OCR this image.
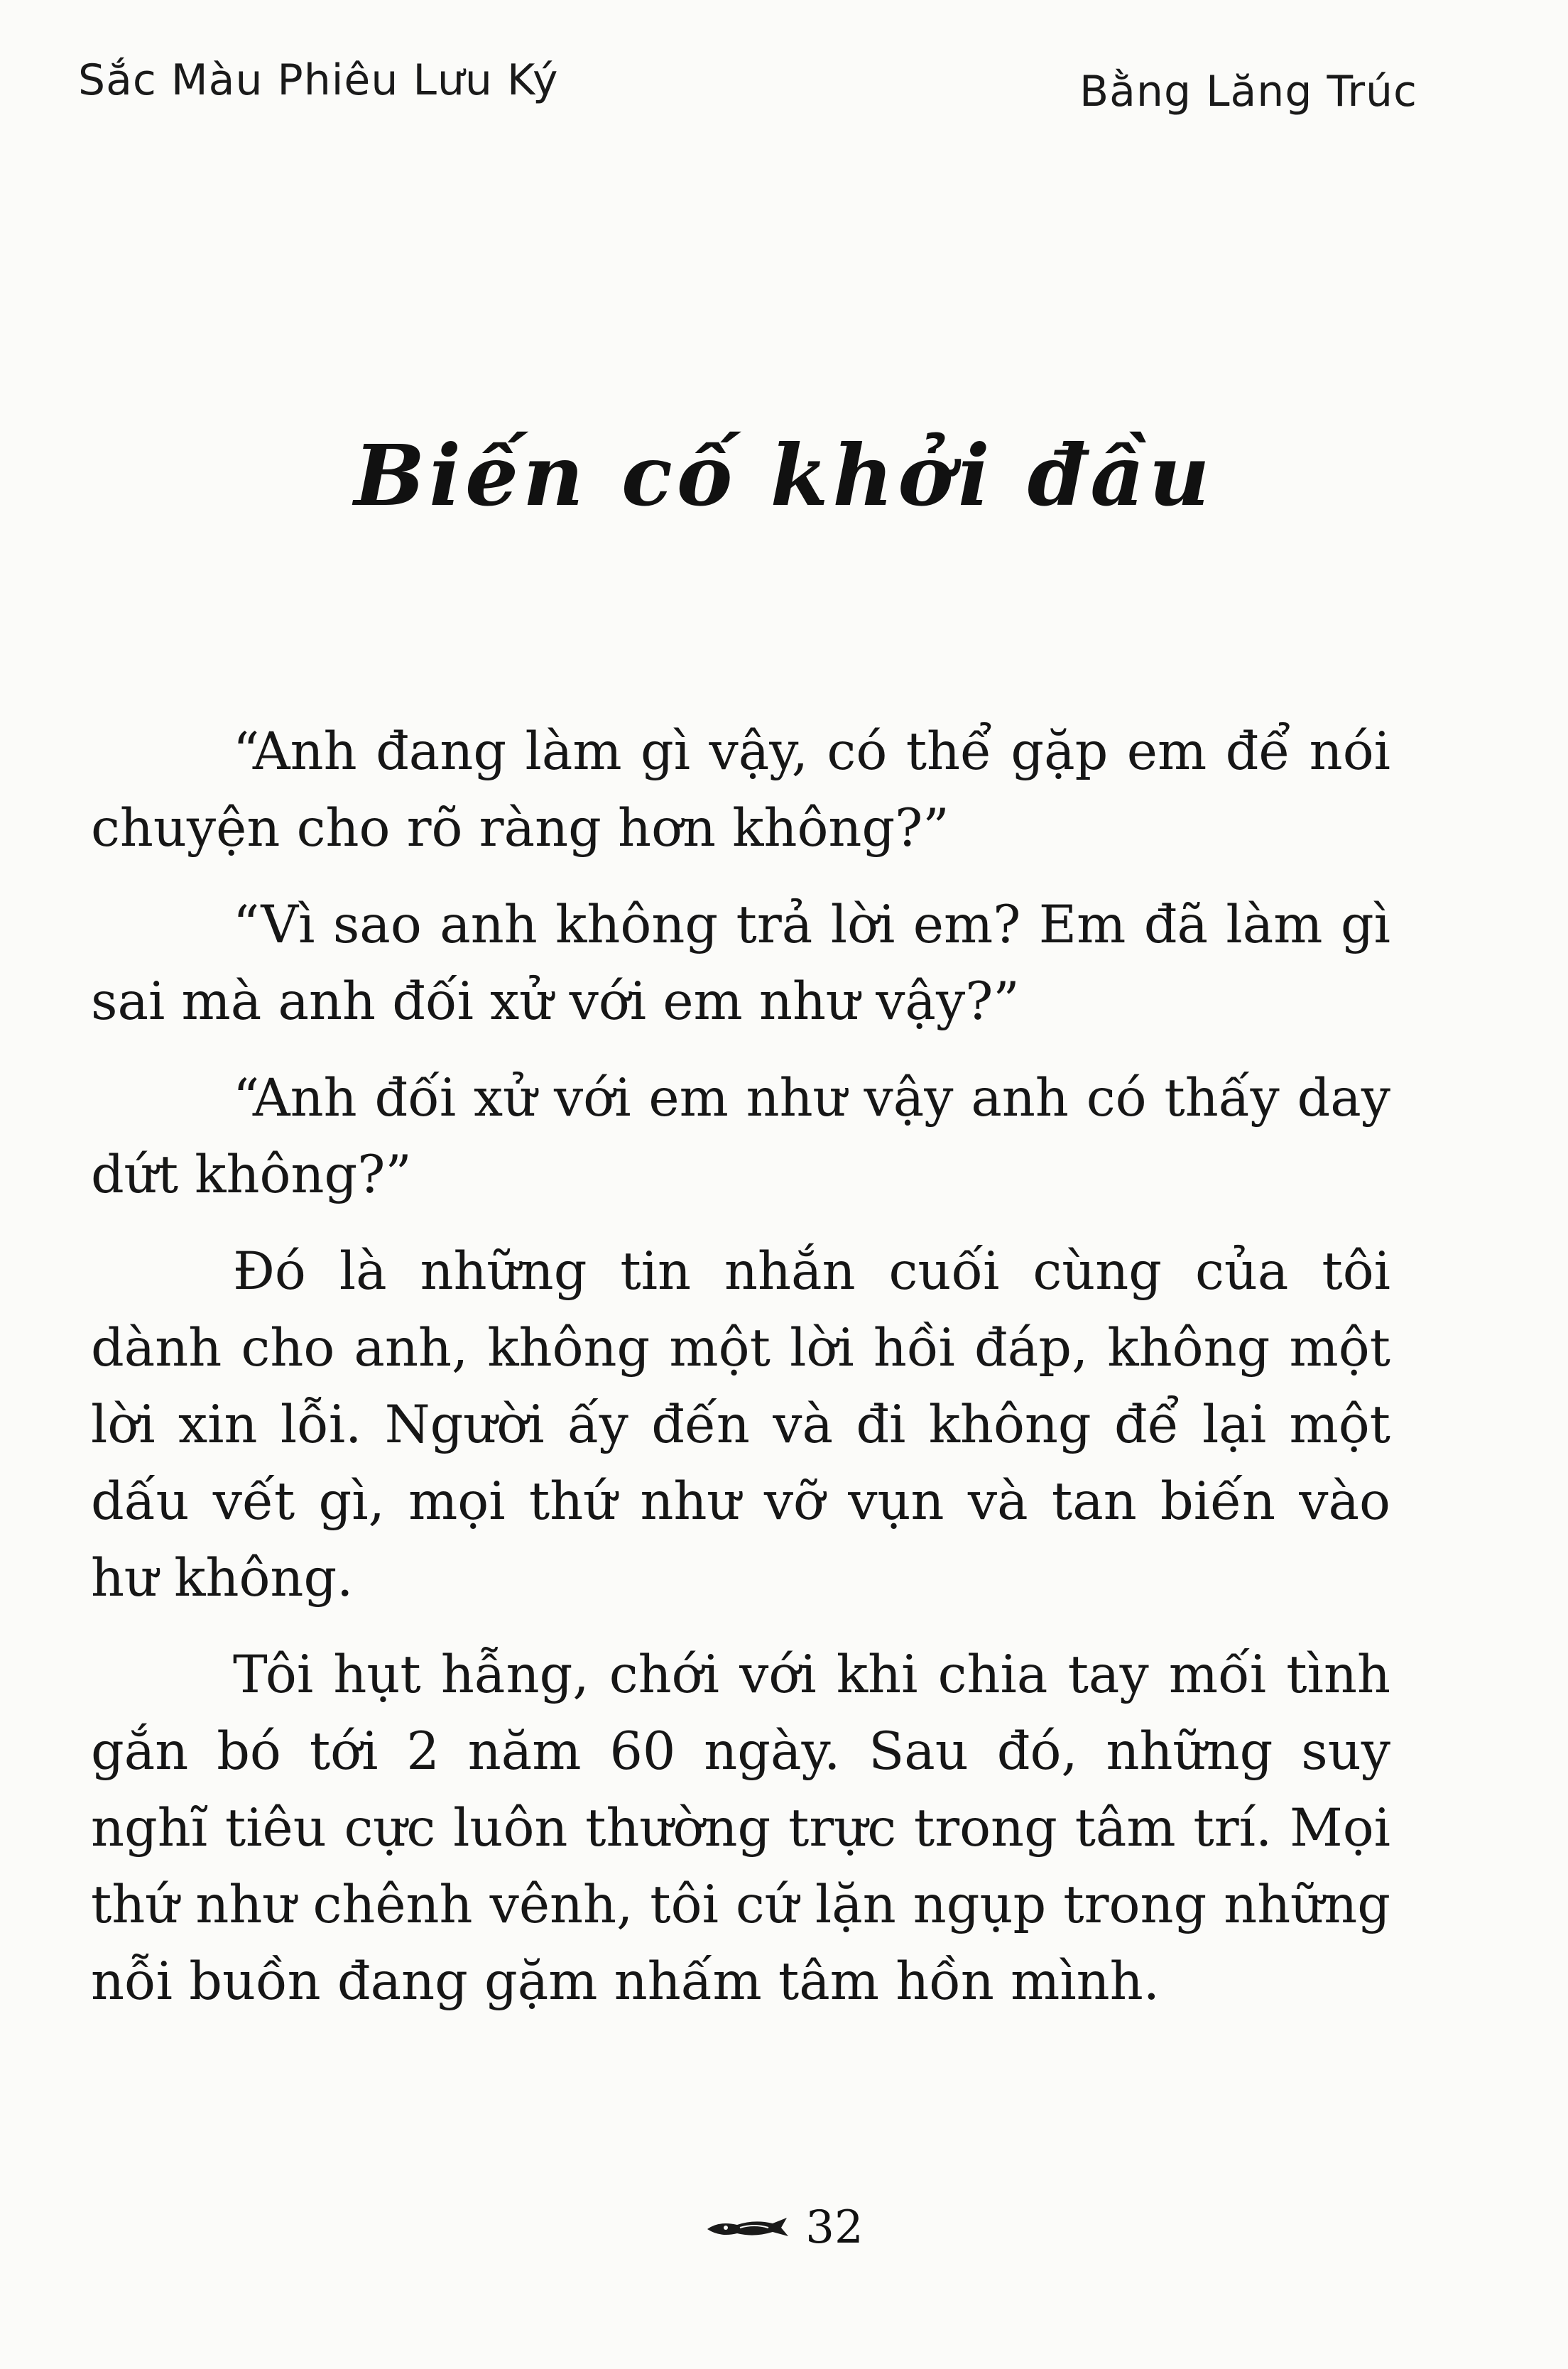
Sắc Màu Phiêu Lưu Ký	Bằng Lăng Trúc
Biến cố khởi đầu

“Anh đang làm gì vậy, có thể gặp em để nói chuyện cho rõ ràng hơn không?”

“Vì sao anh không trả lời em? Em đã làm gì sai mà anh đối xử với em như vậy?”

“Anh đối xử với em như vậy anh có thấy day dứt không?”

Đó là những tin nhắn cuối cùng của tôi dành cho anh, không một lời hồi đáp, không một lời xin lỗi. Người ấy đến và đi không để lại một dấu vết gì, mọi thứ như vỡ vụn và tan biến vào hư không.

Tôi hụt hẫng, chới với khi chia tay mối tình gắn bó tới 2 năm 60 ngày. Sau đó, những suy nghĩ tiêu cực luôn thường trực trong tâm trí. Mọi thứ như chênh vênh, tôi cứ lặn ngụp trong những nỗi buồn đang gặm nhấm tâm hồn mình.

32
